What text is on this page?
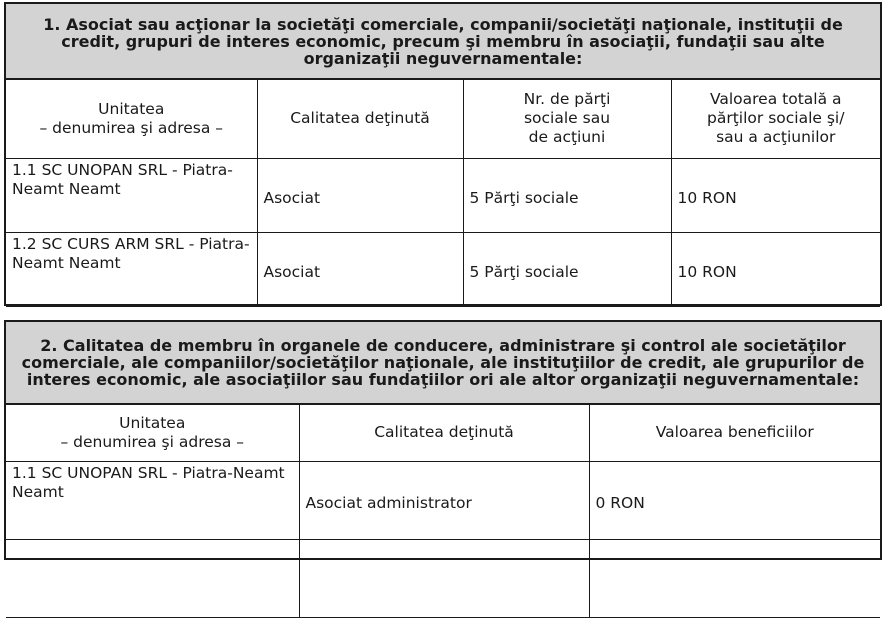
1. Asociat sau acţionar la societăţi comerciale, companii/societăţi naţionale, instituţii de credit, grupuri de interes economic, precum şi membru în asociaţii, fundaţii sau alte organizaţii neguvernamentale:
Unitatea
– denumirea şi adresa –	Calitatea deţinută	Nr. de părţi
sociale sau
de acţiuni	Valoarea totală a
părţilor sociale şi/
sau a acţiunilor
1.1 SC UNOPAN SRL - Piatra-Neamt Neamt	Asociat	5 Părţi sociale	10 RON

1.2 SC CURS ARM SRL - Piatra-Neamt Neamt	Asociat	5 Părţi sociale	10 RON
2. Calitatea de membru în organele de conducere, administrare şi control ale societăţilor comerciale, ale companiilor/societăţilor naţionale, ale instituţiilor de credit, ale grupurilor de interes economic, ale asociaţiilor sau fundaţiilor ori ale altor organizaţii neguvernamentale:
Unitatea
– denumirea şi adresa –	Calitatea deţinută	Valoarea beneficiilor
1.1 SC UNOPAN SRL - Piatra-Neamt Neamt	Asociat administrator	0 RON
